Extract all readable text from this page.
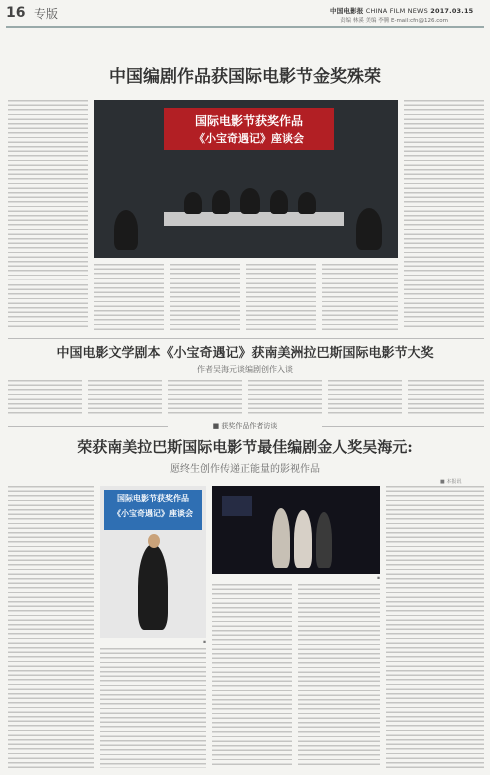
16 专版	中国电影报 CHINA FILM NEWS 2017.03.15
责编 林溪 美编 李腾 E-mail:cfn@126.com
中国编剧作品获国际电影节金奖殊荣
国际电影节获奖作品
《小宝奇遇记》座谈会
中国电影文学剧本《小宝奇遇记》获南美洲拉巴斯国际电影节大奖
作者吴海元谈编剧创作入谈
■ 获奖作品作者访谈
荣获南美拉巴斯国际电影节最佳编剧金人奖吴海元:
愿终生创作传递正能量的影视作品
■ 本报讯
国际电影节获奖作品
《小宝奇遇记》座谈会
▪
▪
